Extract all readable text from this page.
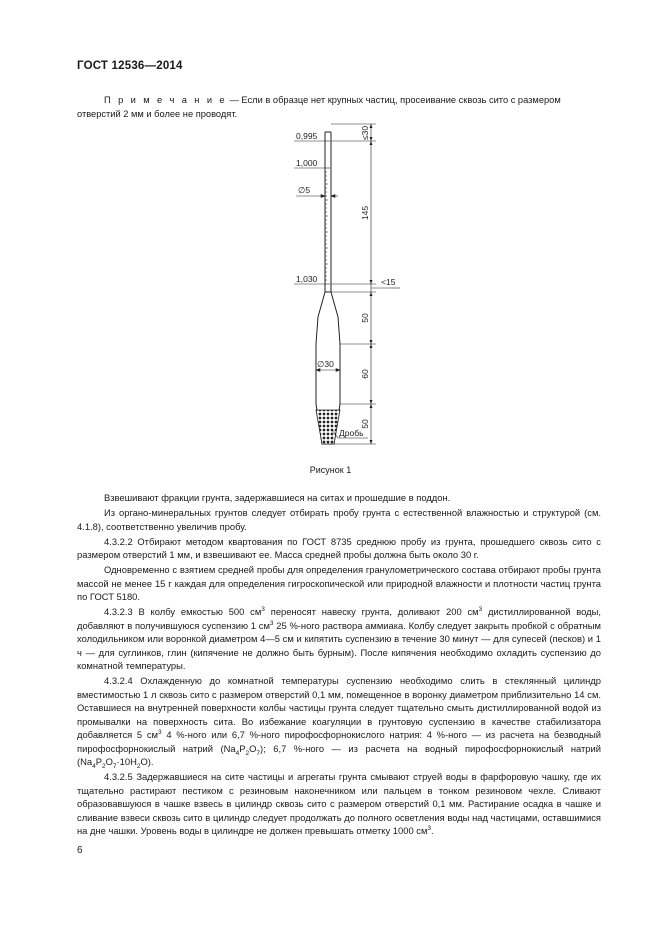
ГОСТ 12536—2014
П р и м е ч а н и е — Если в образце нет крупных частиц, просеивание сквозь сито с размером отверстий 2 мм и более не проводят.
0,995
1,000
1,030
∅5
∅30
≤30
145
<15
50
60
50
Дробь
Рисунок 1

Взвешивают фракции грунта, задержавшиеся на ситах и прошедшие в поддон.

Из органо-минеральных грунтов следует отбирать пробу грунта с естественной влажностью и структурой (см. 4.1.8), соответственно увеличив пробу.

4.3.2.2 Отбирают методом квартования по ГОСТ 8735 среднюю пробу из грунта, прошедшего сквозь сито с размером отверстий 1 мм, и взвешивают ее. Масса средней пробы должна быть около 30 г.

Одновременно с взятием средней пробы для определения гранулометрического состава отбирают пробы грунта массой не менее 15 г каждая для определения гигроскопической или природной влажности и плотности частиц грунта по ГОСТ 5180.

4.3.2.3 В колбу емкостью 500 $см^3$ переносят навеску грунта, доливают 200 $см^3$ дистиллированной воды, добавляют в получившуюся суспензию 1 $см^3$ 25 %-ного раствора аммиака. Колбу следует закрыть пробкой с обратным холодильником или воронкой диаметром 4—5 см и кипятить суспензию в течение 30 минут — для супесей (песков) и 1 ч — для суглинков, глин (кипячение не должно быть бурным). После кипячения необходимо охладить суспензию до комнатной температуры.

4.3.2.4 Охлажденную до комнатной температуры суспензию необходимо слить в стеклянный цилиндр вместимостью 1 л сквозь сито с размером отверстий 0,1 мм, помещенное в воронку диаметром приблизительно 14 см. Оставшиеся на внутренней поверхности колбы частицы грунта следует тщательно смыть дистиллированной водой из промывалки на поверхность сита. Во избежание коагуляции в грунтовую суспензию в качестве стабилизатора добавляется 5 $см^3$ 4 %-ного или 6,7 %-ного пирофосфорнокислого натрия: 4 %-ного — из расчета на безводный пирофосфорнокислый натрий $(Na_4P_2O_7)$; 6,7 %-ного — из расчета на водный пирофосфорнокислый натрий $(Na_4P_2O_7\cdot 10H_2O)$.

4.3.2.5 Задержавшиеся на сите частицы и агрегаты грунта смывают струей воды в фарфоровую чашку, где их тщательно растирают пестиком с резиновым наконечником или пальцем в тонком резиновом чехле. Сливают образовавшуюся в чашке взвесь в цилиндр сквозь сито с размером отверстий 0,1 мм. Растирание осадка в чашке и сливание взвеси сквозь сито в цилиндр следует продолжать до полного осветления воды над частицами, оставшимися на дне чашки. Уровень воды в цилиндре не должен превышать отметку 1000 $см^3$.

6
